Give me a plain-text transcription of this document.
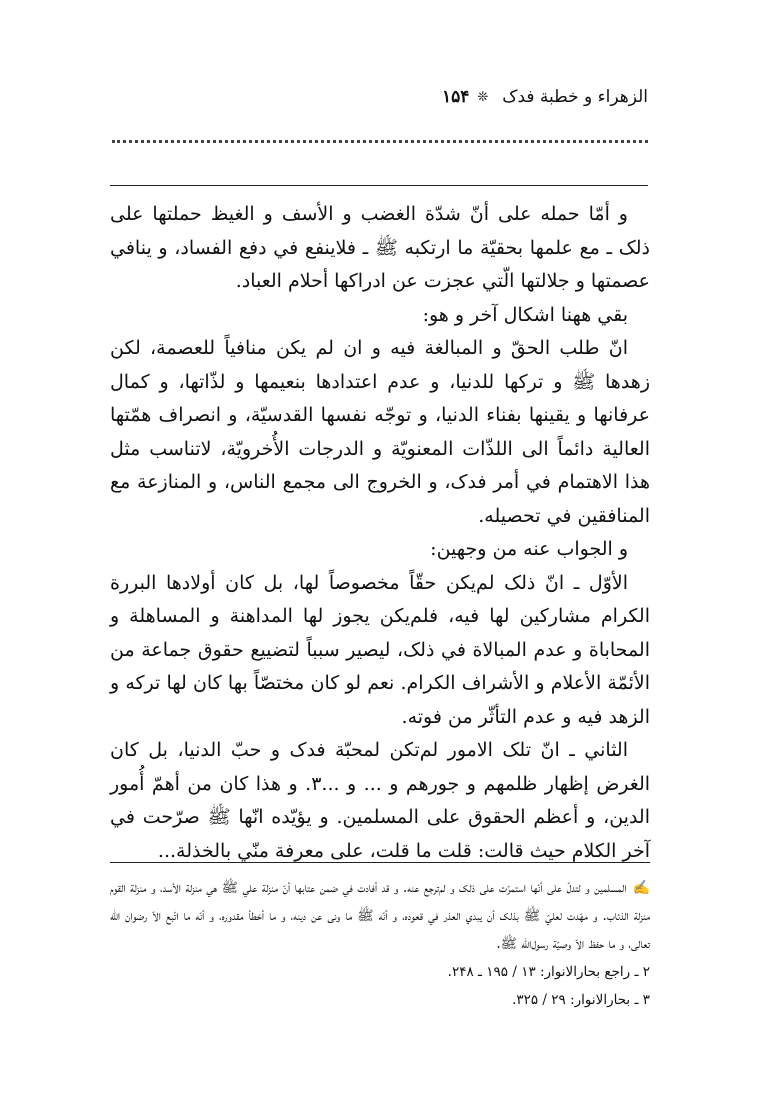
الزهراء و خطبة فدک
❊
۱۵۴

و أمّا حمله على أنّ شدّة الغضب و الأسف و الغيظ حملتها على ذلک ـ مع علمها بحقيّة ما ارتکبه ﷺ ـ فلاينفع في دفع الفساد، و ينافي عصمتها و جلالتها الّتي عجزت عن ادراکها أحلام العباد.

بقي ههنا اشکال آخر و هو:

انّ طلب الحقّ و المبالغة فيه و ان لم يکن منافياً للعصمة، لکن زهدها ﷺ و ترکها للدنيا، و عدم اعتدادها بنعيمها و لذّاتها، و کمال عرفانها و يقينها بفناء الدنيا، و توجّه نفسها القدسيّة، و انصراف همّتها العالية دائماً الى اللذّات المعنويّة و الدرجات الأُخرويّة، لاتناسب مثل هذا الاهتمام في أمر فدک، و الخروج الى مجمع الناس، و المنازعة مع المنافقين في تحصيله.

و الجواب عنه من وجهين:

الأوّل ـ انّ ذلک لم‌يکن حقّاً مخصوصاً لها، بل کان أولادها البررة الکرام مشارکين لها فيه، فلم‌يکن يجوز لها المداهنة و المساهلة و المحاباة و عدم المبالاة في ذلک، ليصير سبباً لتضييع حقوق جماعة من الأئمّة الأعلام و الأشراف الکرام. نعم لو کان مختصّاً بها کان لها ترکه و الزهد فيه و عدم التأثّر من فوته.

الثاني ـ انّ تلک الامور لم‌تکن لمحبّة فدک و حبّ الدنيا، بل کان الغرض إظهار ظلمهم و جورهم و ... و ...۳. و هذا کان من أهمّ أُمور الدين، و أعظم الحقوق على المسلمين. و يؤيّده انّها ﷺ صرّحت في آخر الکلام حيث قالت: قلت ما قلت، على معرفة منّي بالخذلة...

✍المسلمين و لتدلّ على أنّها استمرّت على ذلک و لم‌ترجع عنه. و قد أفادت في ضمن عتابها أنّ منزلة علي ﷺ هي منزلة الأسد، و منزلة القوم منزلة الذئاب. و مهّدت لعليّ ﷺ بذلک أن يبدي العذر في قعوده، و أنّه ﷺ ما ونى عن دينه، و ما أخطأ مقدوره، و أنّه ما اتّبع الاّ رضوان الله تعالى، و ما حفظ الاّ وصيّة رسول‌الله ﷺ.

۲ ـ راجع بحارالانوار: ۱۳ / ۱۹۵ ـ ۲۴۸.

۳ ـ بحارالانوار: ۲۹ / ۳۲۵.
